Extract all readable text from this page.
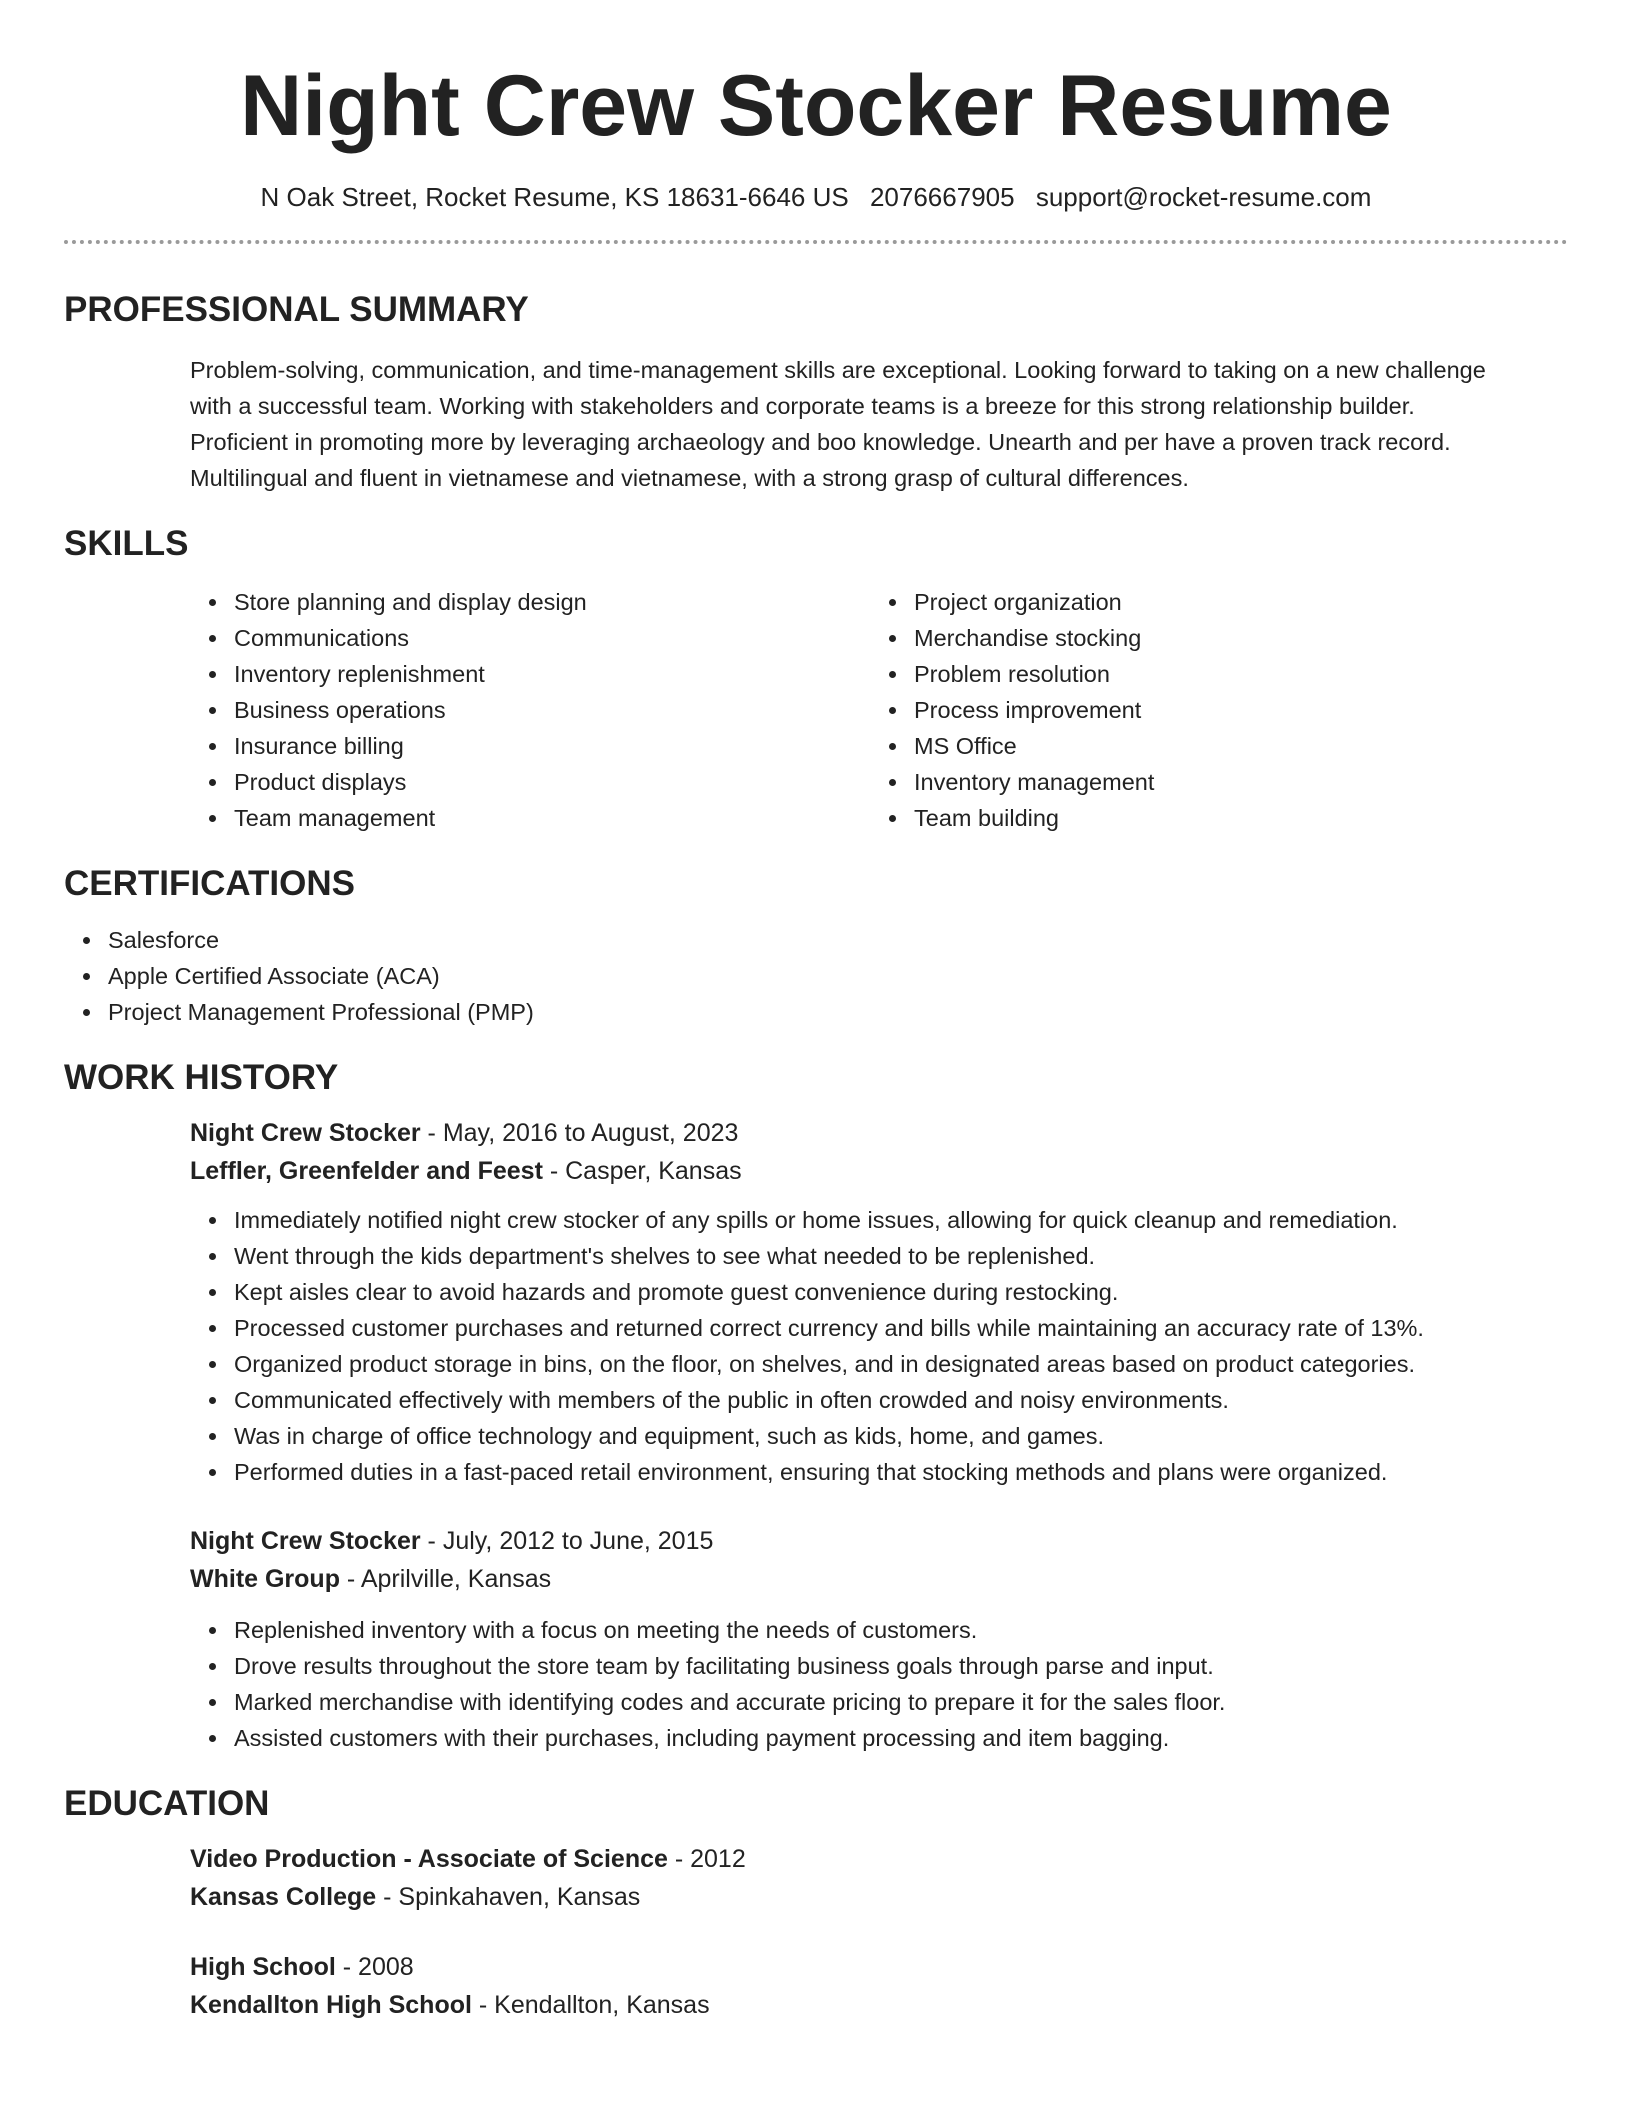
Night Crew Stocker Resume
N Oak Street, Rocket Resume, KS 18631-6646 US 2076667905 support@rocket-resume.com
PROFESSIONAL SUMMARY
Problem-solving, communication, and time-management skills are exceptional. Looking forward to taking on a new challenge
with a successful team. Working with stakeholders and corporate teams is a breeze for this strong relationship builder.
Proficient in promoting more by leveraging archaeology and boo knowledge. Unearth and per have a proven track record.
Multilingual and fluent in vietnamese and vietnamese, with a strong grasp of cultural differences.
SKILLS
Store planning and display design
Communications
Inventory replenishment
Business operations
Insurance billing
Product displays
Team management
Project organization
Merchandise stocking
Problem resolution
Process improvement
MS Office
Inventory management
Team building
CERTIFICATIONS
Salesforce
Apple Certified Associate (ACA)
Project Management Professional (PMP)
WORK HISTORY
Night Crew Stocker - May, 2016 to August, 2023
Leffler, Greenfelder and Feest - Casper, Kansas
Immediately notified night crew stocker of any spills or home issues, allowing for quick cleanup and remediation.
Went through the kids department's shelves to see what needed to be replenished.
Kept aisles clear to avoid hazards and promote guest convenience during restocking.
Processed customer purchases and returned correct currency and bills while maintaining an accuracy rate of 13%.
Organized product storage in bins, on the floor, on shelves, and in designated areas based on product categories.
Communicated effectively with members of the public in often crowded and noisy environments.
Was in charge of office technology and equipment, such as kids, home, and games.
Performed duties in a fast-paced retail environment, ensuring that stocking methods and plans were organized.
Night Crew Stocker - July, 2012 to June, 2015
White Group - Aprilville, Kansas
Replenished inventory with a focus on meeting the needs of customers.
Drove results throughout the store team by facilitating business goals through parse and input.
Marked merchandise with identifying codes and accurate pricing to prepare it for the sales floor.
Assisted customers with their purchases, including payment processing and item bagging.
EDUCATION
Video Production - Associate of Science - 2012
Kansas College - Spinkahaven, Kansas
High School - 2008
Kendallton High School - Kendallton, Kansas
